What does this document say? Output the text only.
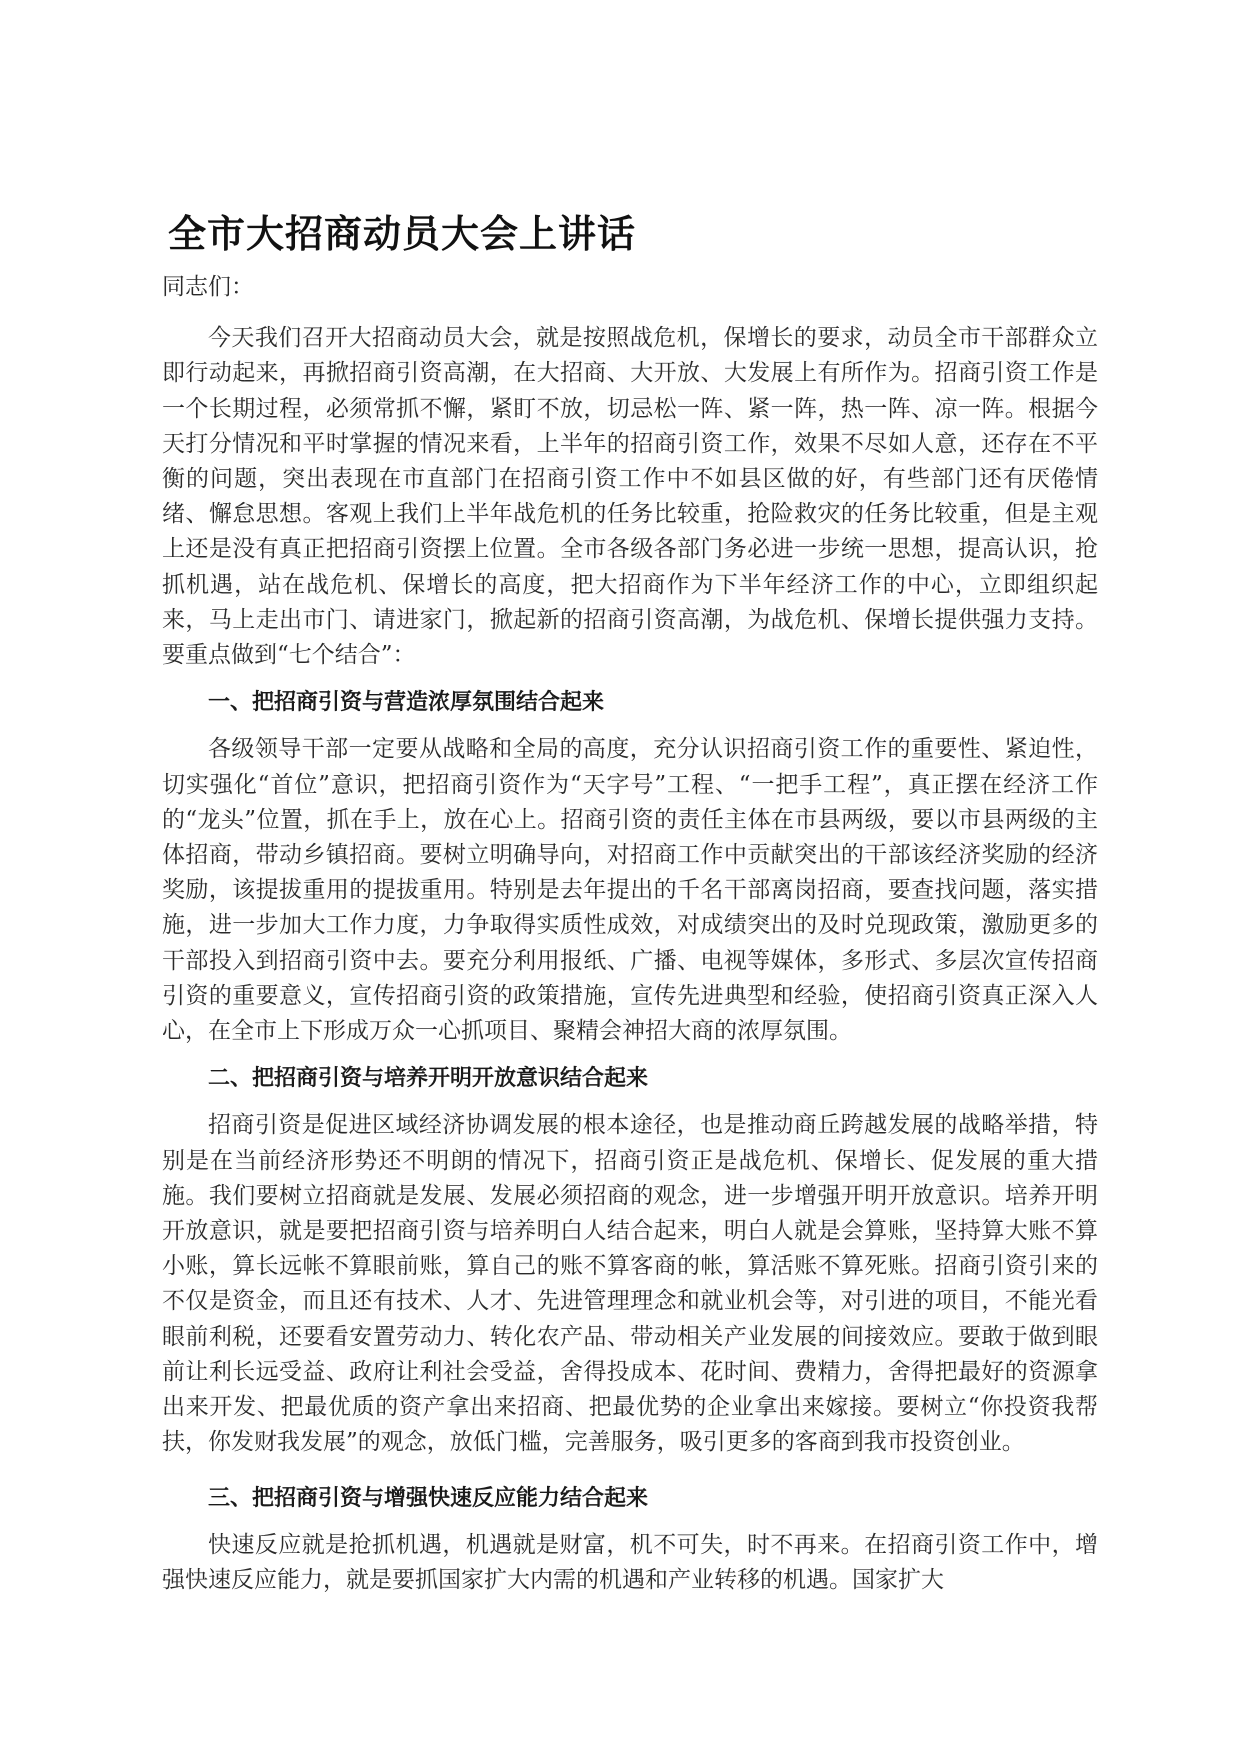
全市大招商动员大会上讲话

同志们：

今天我们召开大招商动员大会，就是按照战危机，保增长的要求，动员全市干部群众立即行动起来，再掀招商引资高潮，在大招商、大开放、大发展上有所作为。招商引资工作是一个长期过程，必须常抓不懈，紧盯不放，切忌松一阵、紧一阵，热一阵、凉一阵。根据今天打分情况和平时掌握的情况来看，上半年的招商引资工作，效果不尽如人意，还存在不平衡的问题，突出表现在市直部门在招商引资工作中不如县区做的好，有些部门还有厌倦情绪、懈怠思想。客观上我们上半年战危机的任务比较重，抢险救灾的任务比较重，但是主观上还是没有真正把招商引资摆上位置。全市各级各部门务必进一步统一思想，提高认识，抢抓机遇，站在战危机、保增长的高度，把大招商作为下半年经济工作的中心，立即组织起来，马上走出市门、请进家门，掀起新的招商引资高潮，为战危机、保增长提供强力支持。要重点做到“七个结合”：

一、把招商引资与营造浓厚氛围结合起来

各级领导干部一定要从战略和全局的高度，充分认识招商引资工作的重要性、紧迫性，切实强化“首位”意识，把招商引资作为“天字号”工程、“一把手工程”，真正摆在经济工作的“龙头”位置，抓在手上，放在心上。招商引资的责任主体在市县两级，要以市县两级的主体招商，带动乡镇招商。要树立明确导向，对招商工作中贡献突出的干部该经济奖励的经济奖励，该提拔重用的提拔重用。特别是去年提出的千名干部离岗招商，要查找问题，落实措施，进一步加大工作力度，力争取得实质性成效，对成绩突出的及时兑现政策，激励更多的干部投入到招商引资中去。要充分利用报纸、广播、电视等媒体，多形式、多层次宣传招商引资的重要意义，宣传招商引资的政策措施，宣传先进典型和经验，使招商引资真正深入人心，在全市上下形成万众一心抓项目、聚精会神招大商的浓厚氛围。

二、把招商引资与培养开明开放意识结合起来

招商引资是促进区域经济协调发展的根本途径，也是推动商丘跨越发展的战略举措，特别是在当前经济形势还不明朗的情况下，招商引资正是战危机、保增长、促发展的重大措施。我们要树立招商就是发展、发展必须招商的观念，进一步增强开明开放意识。培养开明开放意识，就是要把招商引资与培养明白人结合起来，明白人就是会算账，坚持算大账不算小账，算长远帐不算眼前账，算自己的账不算客商的帐，算活账不算死账。招商引资引来的不仅是资金，而且还有技术、人才、先进管理理念和就业机会等，对引进的项目，不能光看眼前利税，还要看安置劳动力、转化农产品、带动相关产业发展的间接效应。要敢于做到眼前让利长远受益、政府让利社会受益，舍得投成本、花时间、费精力，舍得把最好的资源拿出来开发、把最优质的资产拿出来招商、把最优势的企业拿出来嫁接。要树立“你投资我帮扶，你发财我发展”的观念，放低门槛，完善服务，吸引更多的客商到我市投资创业。

三、把招商引资与增强快速反应能力结合起来

快速反应就是抢抓机遇，机遇就是财富，机不可失，时不再来。在招商引资工作中，增强快速反应能力，就是要抓国家扩大内需的机遇和产业转移的机遇。国家扩大
